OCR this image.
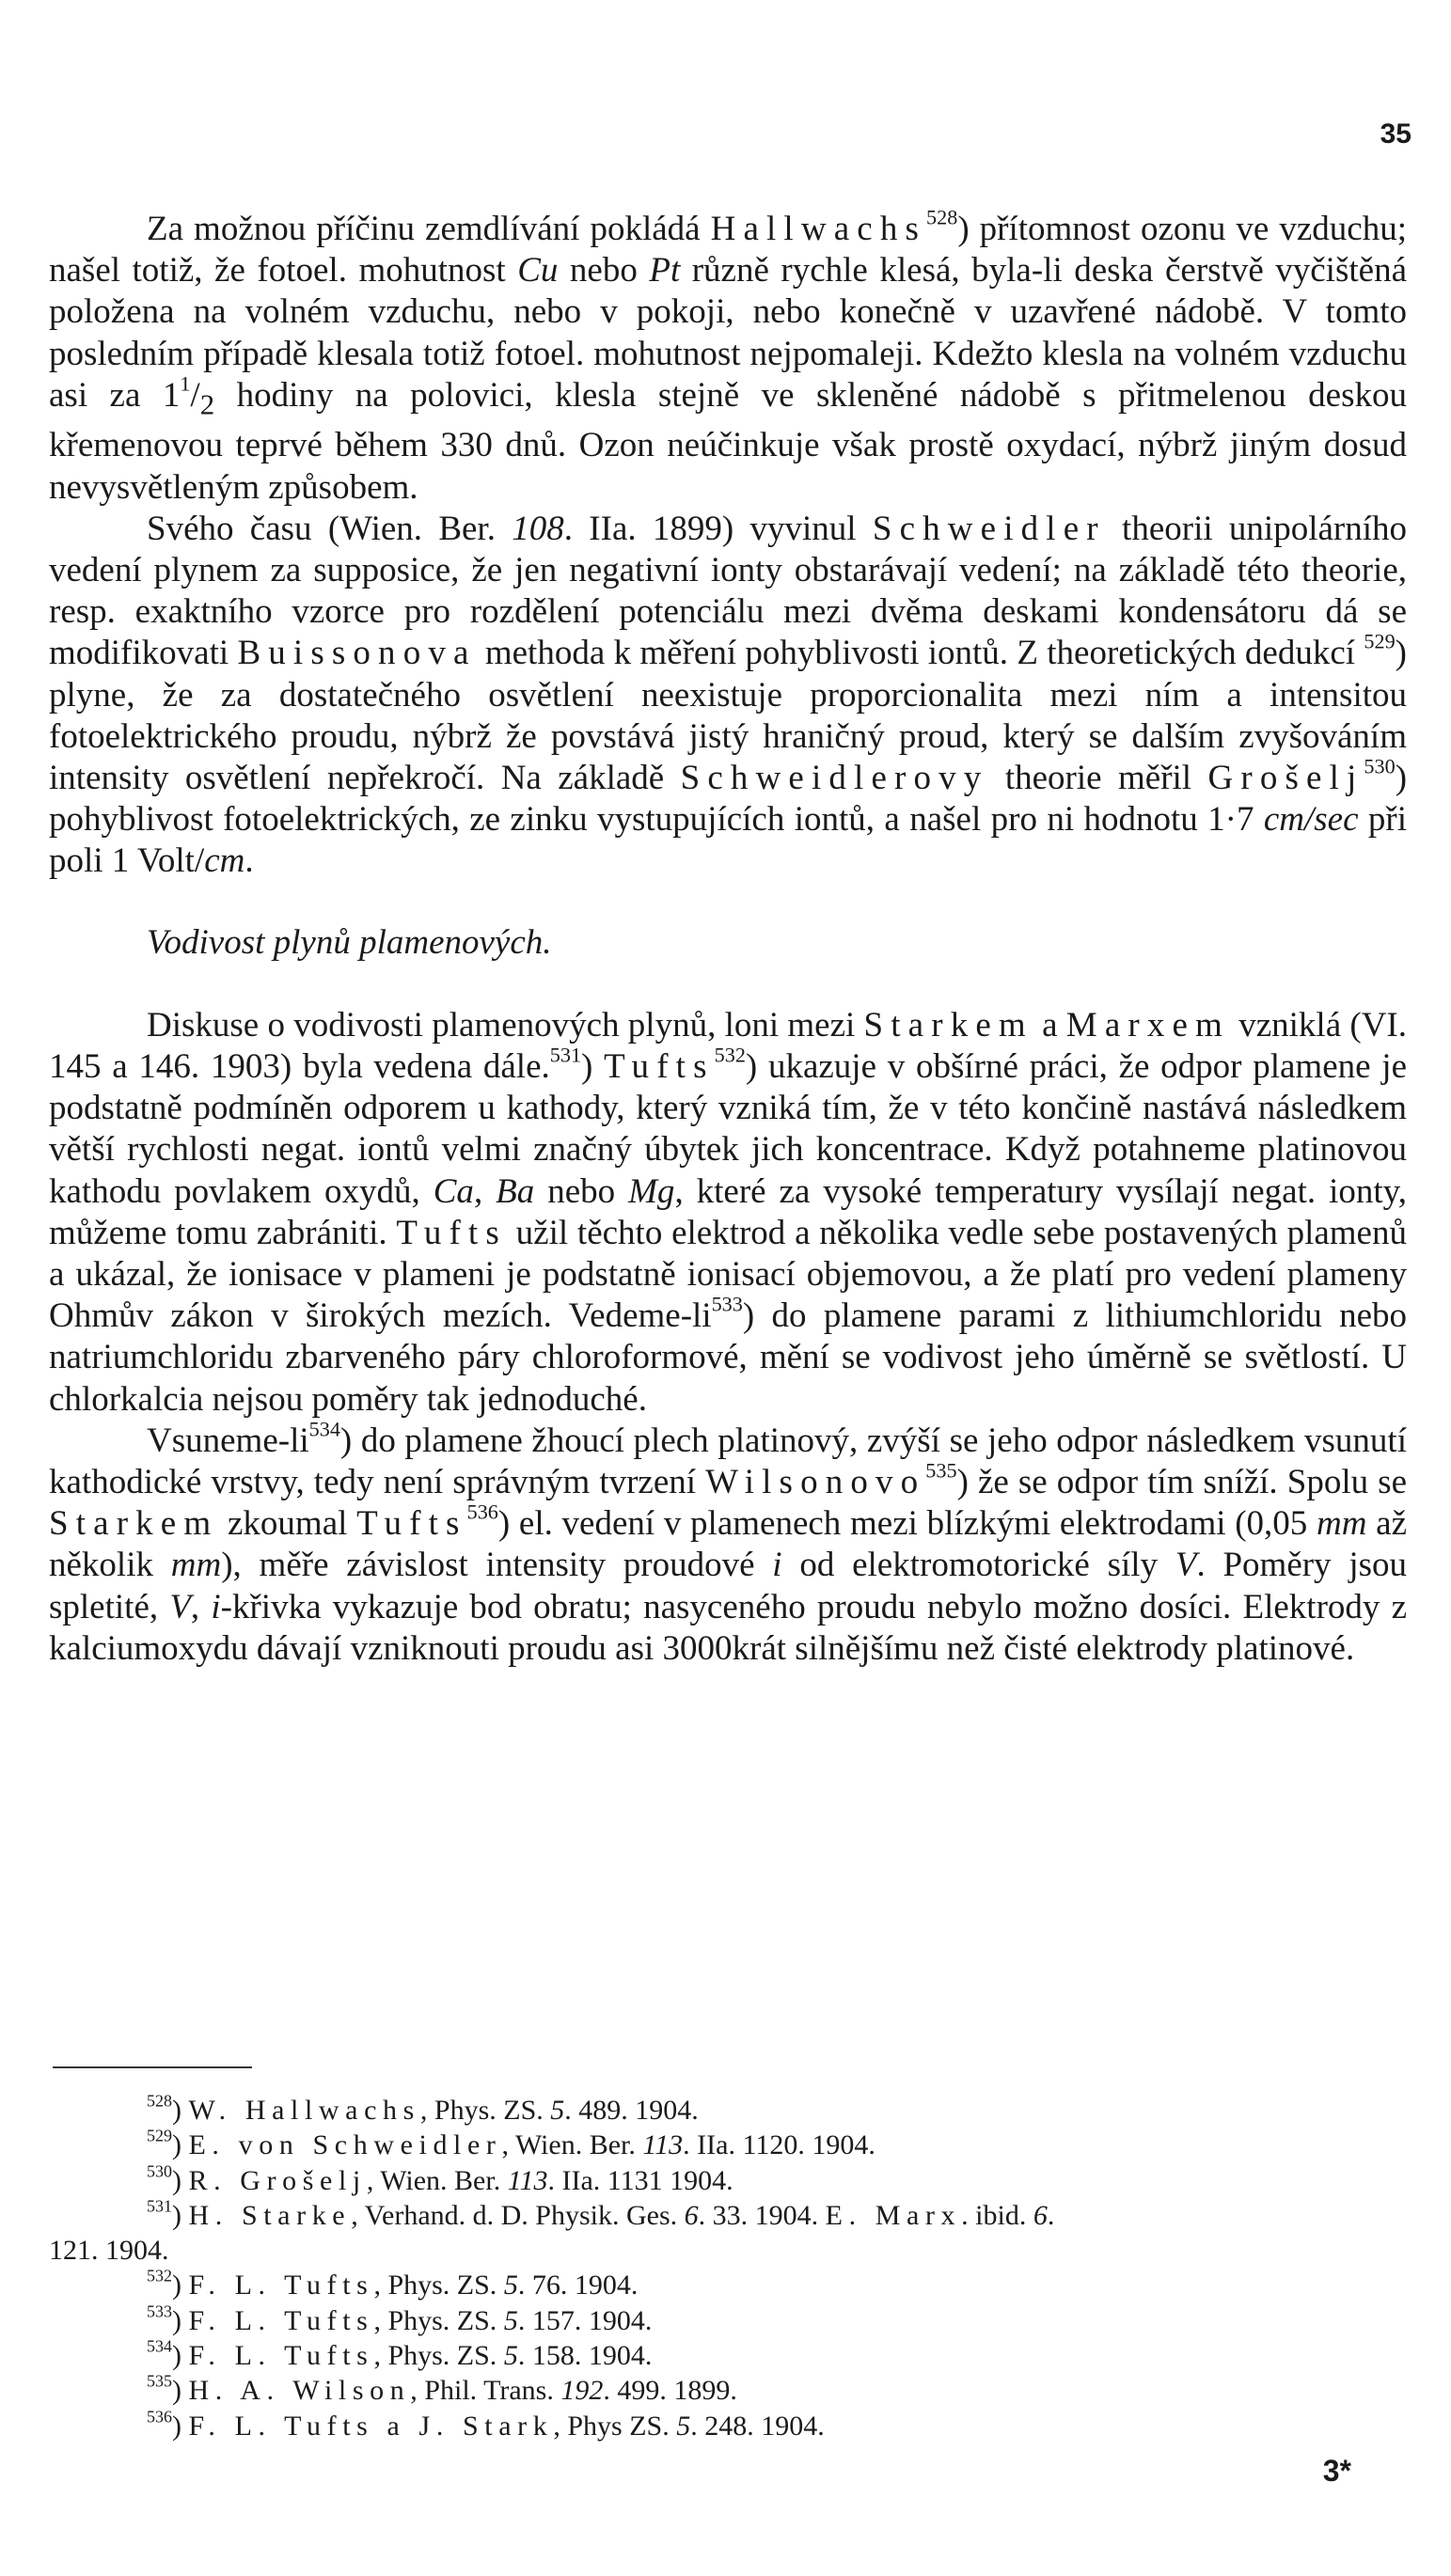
35

Za možnou příčinu zemdlívání pokládá Hallwachs$^{528}$) přítomnost ozonu ve vzduchu; našel totiž, že fotoel. mohutnost Cu nebo Pt různě rychle klesá, byla-li deska čerstvě vyčištěná položena na volném vzduchu, nebo v pokoji, nebo konečně v uzavřené nádobě. V tomto posledním případě klesala totiž fotoel. mohutnost nejpomaleji. Kdežto klesla na volném vzduchu asi za $1^1/_2$ hodiny na polovici, klesla stejně ve skleněné nádobě s přitmelenou deskou křemenovou teprvé během 330 dnů. Ozon neúčinkuje však prostě oxydací, nýbrž jiným dosud nevysvětleným způsobem.

Svého času (Wien. Ber. 108. IIa. 1899) vyvinul Schweidler theorii unipolárního vedení plynem za supposice, že jen negativní ionty obstarávají vedení; na základě této theorie, resp. exaktního vzorce pro rozdělení potenciálu mezi dvěma deskami kondensátoru dá se modifikovati Buissonova methoda k měření pohyblivosti iontů. Z theoretických dedukcí $^{529}$) plyne, že za dostatečného osvětlení neexistuje proporcionalita mezi ním a intensitou fotoelektrického proudu, nýbrž že povstává jistý hraničný proud, který se dalším zvyšováním intensity osvětlení nepřekročí. Na základě Schweidlerovy theorie měřil Grošelj$^{530}$) pohyblivost fotoelektrických, ze zinku vystupujících iontů, a našel pro ni hodnotu 1·7 cm/sec při poli 1 Volt/cm.

Vodivost plynů plamenových.

Diskuse o vodivosti plamenových plynů, loni mezi Starkem a Marxem vzniklá (VI. 145 a 146. 1903) byla vedena dále.$^{531}$) Tufts$^{532}$) ukazuje v obšírné práci, že odpor plamene je podstatně podmíněn odporem u kathody, který vzniká tím, že v této končině nastává následkem větší rychlosti negat. iontů velmi značný úbytek jich koncentrace. Když potahneme platinovou kathodu povlakem oxydů, Ca, Ba nebo Mg, které za vysoké temperatury vysílají negat. ionty, můžeme tomu zabrániti. Tufts užil těchto elektrod a několika vedle sebe postavených plamenů a ukázal, že ionisace v plameni je podstatně ionisací objemovou, a že platí pro vedení plameny Ohmův zákon v širokých mezích. Vedeme-$li^{533}$) do plamene parami z lithiumchloridu nebo natriumchloridu zbarveného páry chloroformové, mění se vodivost jeho úměrně se světlostí. U chlorkalcia nejsou poměry tak jednoduché.

Vsuneme-$li^{534}$) do plamene žhoucí plech platinový, zvýší se jeho odpor následkem vsunutí kathodické vrstvy, tedy není správným tvrzení Wilsonovo$^{535}$) že se odpor tím sníží. Spolu se Starkem zkoumal Tufts$^{536}$) el. vedení v plamenech mezi blízkými elektrodami (0,05 mm až několik mm), měře závislost intensity proudové i od elektromotorické síly V. Poměry jsou spletité, V, i-křivka vykazuje bod obratu; nasyceného proudu nebylo možno dosíci. Elektrody z kalciumoxydu dávají vzniknouti proudu asi 3000krát silnějšímu než čisté elektrody platinové.

$^{528}$) W. Hallwachs, Phys. ZS. 5. 489. 1904.

$^{529}$) E. von Schweidler, Wien. Ber. 113. IIa. 1120. 1904.

$^{530}$) R. Grošelj, Wien. Ber. 113. IIa. 1131 1904.

$^{531}$) H. Starke, Verhand. d. D. Physik. Ges. 6. 33. 1904. E. Marx. ibid. 6.

121. 1904.

$^{532}$) F. L. Tufts, Phys. ZS. 5. 76. 1904.

$^{533}$) F. L. Tufts, Phys. ZS. 5. 157. 1904.

$^{534}$) F. L. Tufts, Phys. ZS. 5. 158. 1904.

$^{535}$) H. A. Wilson, Phil. Trans. 192. 499. 1899.

$^{536}$) F. L. Tufts a J. Stark, Phys ZS. 5. 248. 1904.

3*
